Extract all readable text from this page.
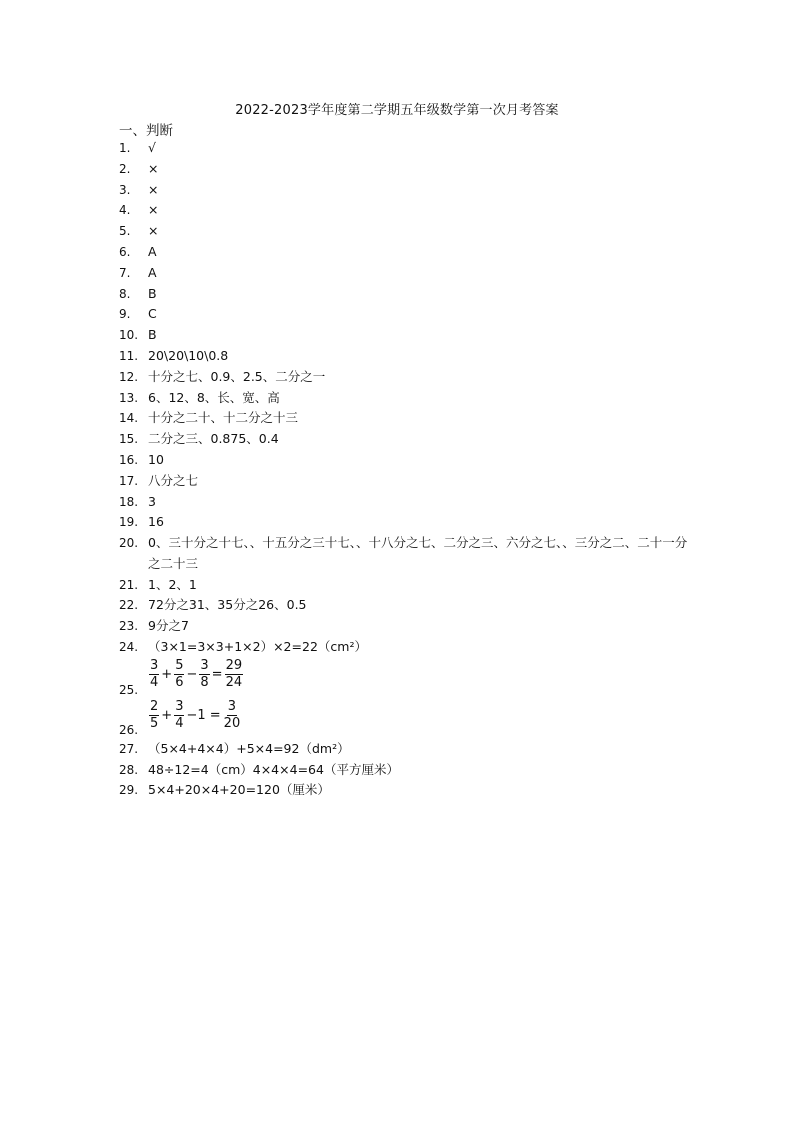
2022-2023学年度第二学期五年级数学第一次月考答案
一、判断
1.	√
2.	×
3.	×
4.	×
5.	×
6.	A
7.	A
8.	B
9.	C
10. B
11. 20\20\10\0.8
12. 十分之七、0.9、2.5、二分之一
13. 6、12、8、长、宽、高
14. 十分之二十、十二分之十三
15. 二分之三、0.875、0.4
16. 10
17. 八分之七
18. 3
19. 16
20. 0、三十分之十七、、十五分之三十七、、十八分之七、二分之三、六分之七、、三分之二、二十一分之二十三
21. 1、2、1
22. 72分之31、35分之26、0.5
23. 9分之7
24. （3×1=3×3+1×2）×2=22（cm²）
25. $\frac{3}{4} + \frac{5}{6} - \frac{3}{8} = \frac{29}{24}$
26. $\frac{2}{5} + \frac{3}{4} -1 = \frac{3}{20}$
27. （5×4+4×4）+5×4=92（dm²）
28. 48÷12=4（cm）4×4×4=64（平方厘米）
29. 5×4+20×4+20=120（厘米）
